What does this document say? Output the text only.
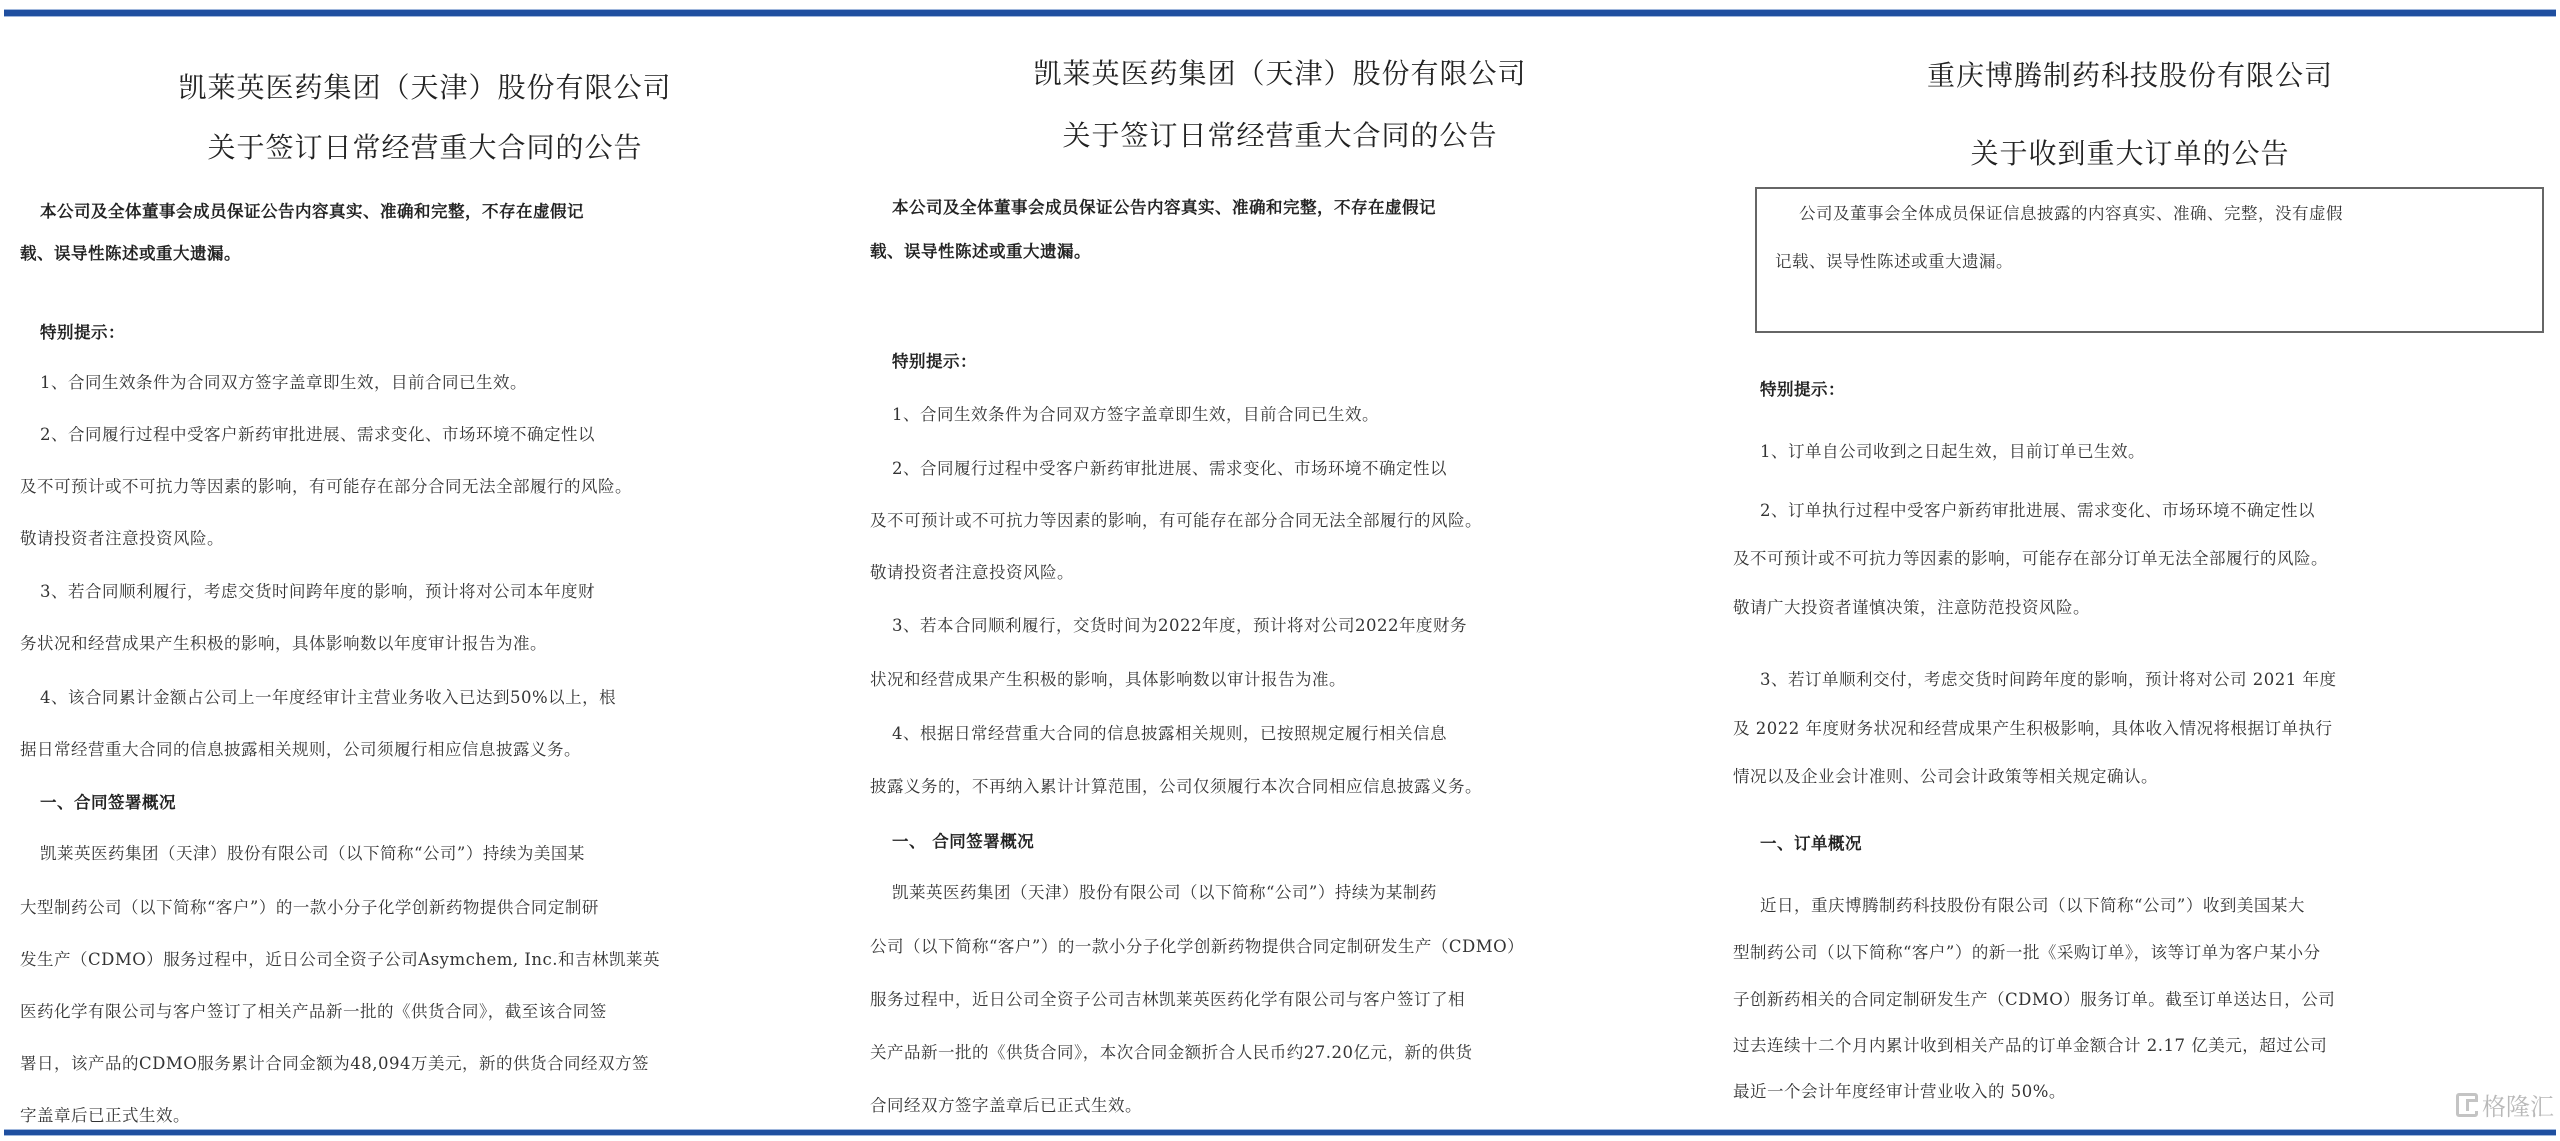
凯莱英医药集团（天津）股份有限公司
关于签订日常经营重大合同的公告
本公司及全体董事会成员保证公告内容真实、准确和完整，不存在虚假记
载、误导性陈述或重大遗漏。
特别提示：
1、合同生效条件为合同双方签字盖章即生效，目前合同已生效。
2、合同履行过程中受客户新药审批进展、需求变化、市场环境不确定性以
及不可预计或不可抗力等因素的影响，有可能存在部分合同无法全部履行的风险。
敬请投资者注意投资风险。
3、若合同顺利履行，考虑交货时间跨年度的影响，预计将对公司本年度财
务状况和经营成果产生积极的影响，具体影响数以年度审计报告为准。
4、该合同累计金额占公司上一年度经审计主营业务收入已达到50%以上，根
据日常经营重大合同的信息披露相关规则，公司须履行相应信息披露义务。
一、合同签署概况
凯莱英医药集团（天津）股份有限公司（以下简称“公司”）持续为美国某
大型制药公司（以下简称“客户”）的一款小分子化学创新药物提供合同定制研
发生产（CDMO）服务过程中，近日公司全资子公司Asymchem, Inc.和吉林凯莱英
医药化学有限公司与客户签订了相关产品新一批的《供货合同》，截至该合同签
署日，该产品的CDMO服务累计合同金额为48,094万美元，新的供货合同经双方签
字盖章后已正式生效。
凯莱英医药集团（天津）股份有限公司
关于签订日常经营重大合同的公告
本公司及全体董事会成员保证公告内容真实、准确和完整，不存在虚假记
载、误导性陈述或重大遗漏。
特别提示：
1、合同生效条件为合同双方签字盖章即生效，目前合同已生效。
2、合同履行过程中受客户新药审批进展、需求变化、市场环境不确定性以
及不可预计或不可抗力等因素的影响，有可能存在部分合同无法全部履行的风险。
敬请投资者注意投资风险。
3、若本合同顺利履行，交货时间为2022年度，预计将对公司2022年度财务
状况和经营成果产生积极的影响，具体影响数以审计报告为准。
4、根据日常经营重大合同的信息披露相关规则，已按照规定履行相关信息
披露义务的，不再纳入累计计算范围，公司仅须履行本次合同相应信息披露义务。
一、 合同签署概况
凯莱英医药集团（天津）股份有限公司（以下简称“公司”）持续为某制药
公司（以下简称“客户”）的一款小分子化学创新药物提供合同定制研发生产（CDMO）
服务过程中，近日公司全资子公司吉林凯莱英医药化学有限公司与客户签订了相
关产品新一批的《供货合同》，本次合同金额折合人民币约27.20亿元，新的供货
合同经双方签字盖章后已正式生效。
重庆博腾制药科技股份有限公司
关于收到重大订单的公告
公司及董事会全体成员保证信息披露的内容真实、准确、完整，没有虚假
记载、误导性陈述或重大遗漏。
特别提示：
1、订单自公司收到之日起生效，目前订单已生效。
2、订单执行过程中受客户新药审批进展、需求变化、市场环境不确定性以
及不可预计或不可抗力等因素的影响，可能存在部分订单无法全部履行的风险。
敬请广大投资者谨慎决策，注意防范投资风险。
3、若订单顺利交付，考虑交货时间跨年度的影响，预计将对公司 2021 年度
及 2022 年度财务状况和经营成果产生积极影响，具体收入情况将根据订单执行
情况以及企业会计准则、公司会计政策等相关规定确认。
一、订单概况
近日，重庆博腾制药科技股份有限公司（以下简称“公司”）收到美国某大
型制药公司（以下简称“客户”）的新一批《采购订单》，该等订单为客户某小分
子创新药相关的合同定制研发生产（CDMO）服务订单。截至订单送达日，公司
过去连续十二个月内累计收到相关产品的订单金额合计 2.17 亿美元，超过公司
最近一个会计年度经审计营业收入的 50%。
格隆汇
